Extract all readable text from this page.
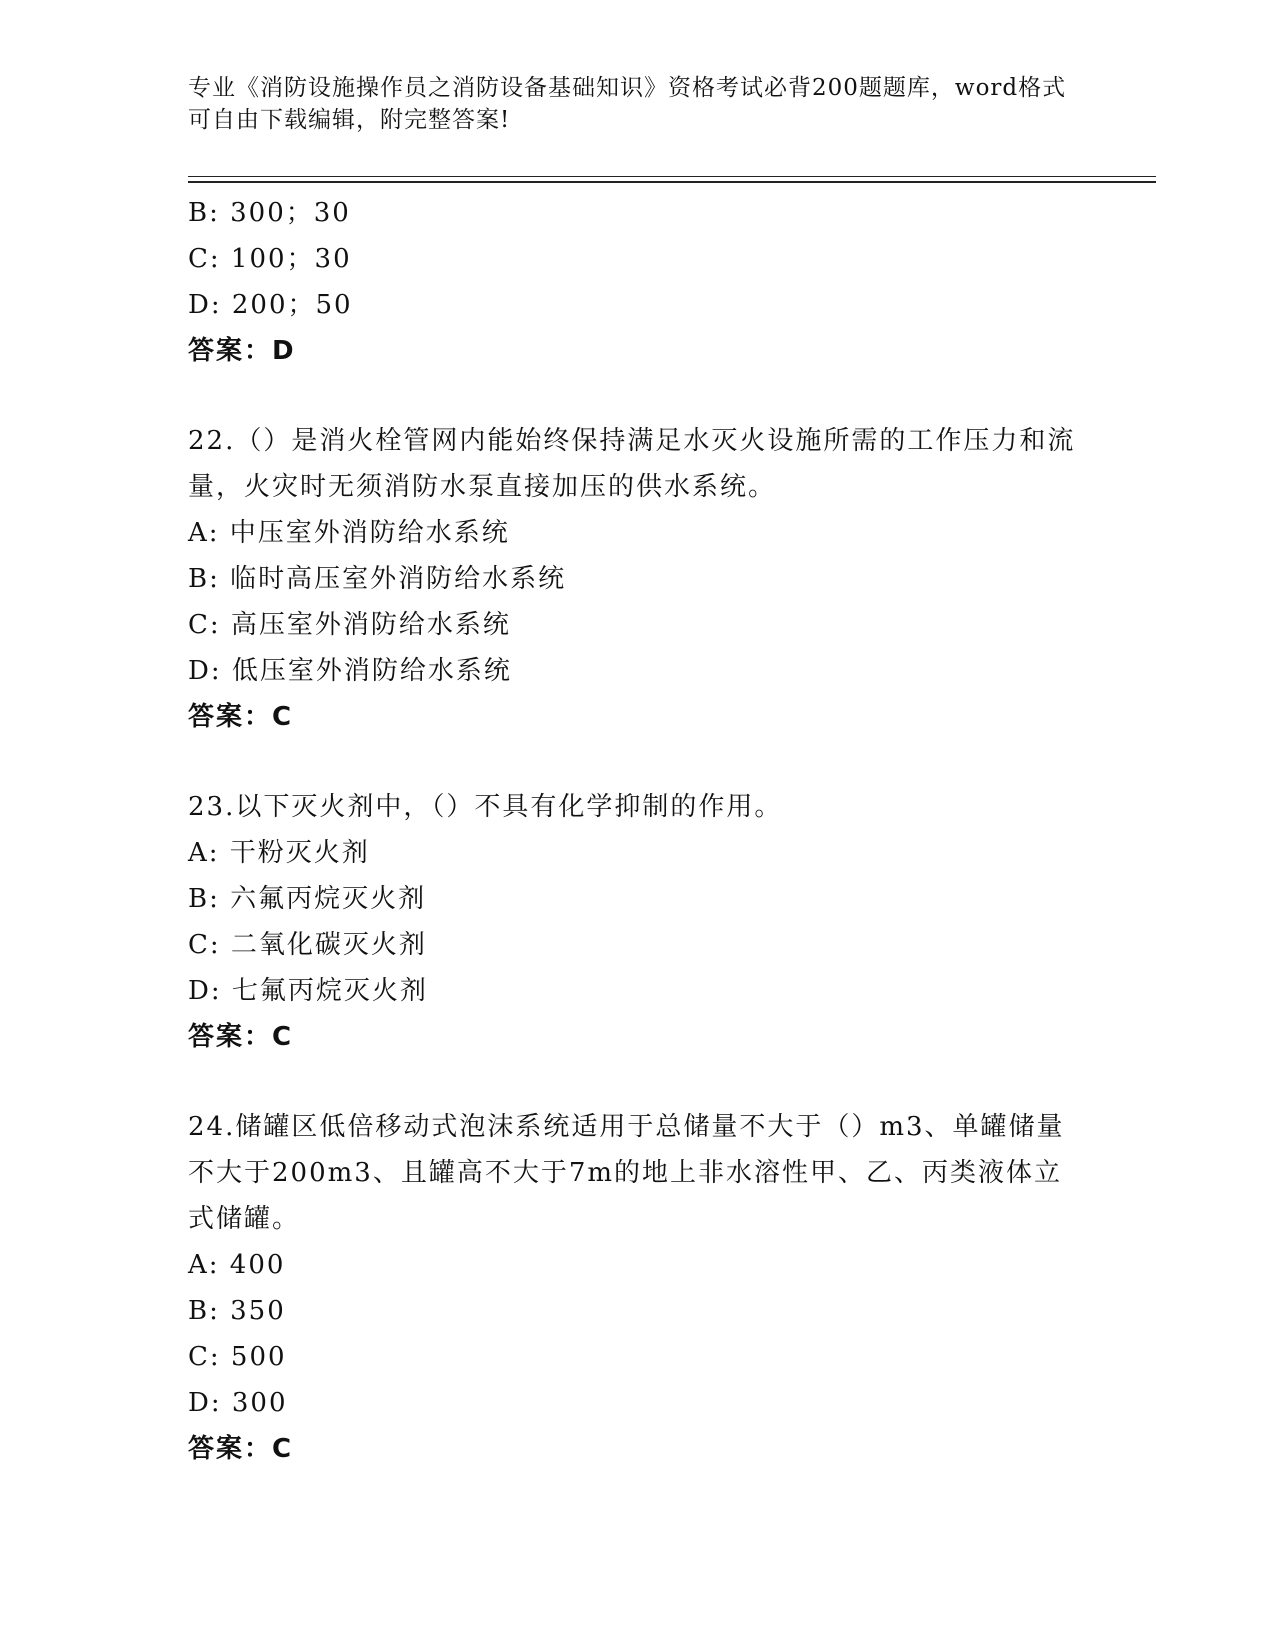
专业《消防设施操作员之消防设备基础知识》资格考试必背200题题库，word格式可自由下载编辑，附完整答案!
B: 300；30
C: 100；30
D: 200；50
答案：D
22.（）是消火栓管网内能始终保持满足水灭火设施所需的工作压力和流量，火灾时无须消防水泵直接加压的供水系统。
A: 中压室外消防给水系统
B: 临时高压室外消防给水系统
C: 高压室外消防给水系统
D: 低压室外消防给水系统
答案：C
23.以下灭火剂中，（）不具有化学抑制的作用。
A: 干粉灭火剂
B: 六氟丙烷灭火剂
C: 二氧化碳灭火剂
D: 七氟丙烷灭火剂
答案：C
24.储罐区低倍移动式泡沫系统适用于总储量不大于（）m3、单罐储量不大于200m3、且罐高不大于7m的地上非水溶性甲、乙、丙类液体立式储罐。
A: 400
B: 350
C: 500
D: 300
答案：C
